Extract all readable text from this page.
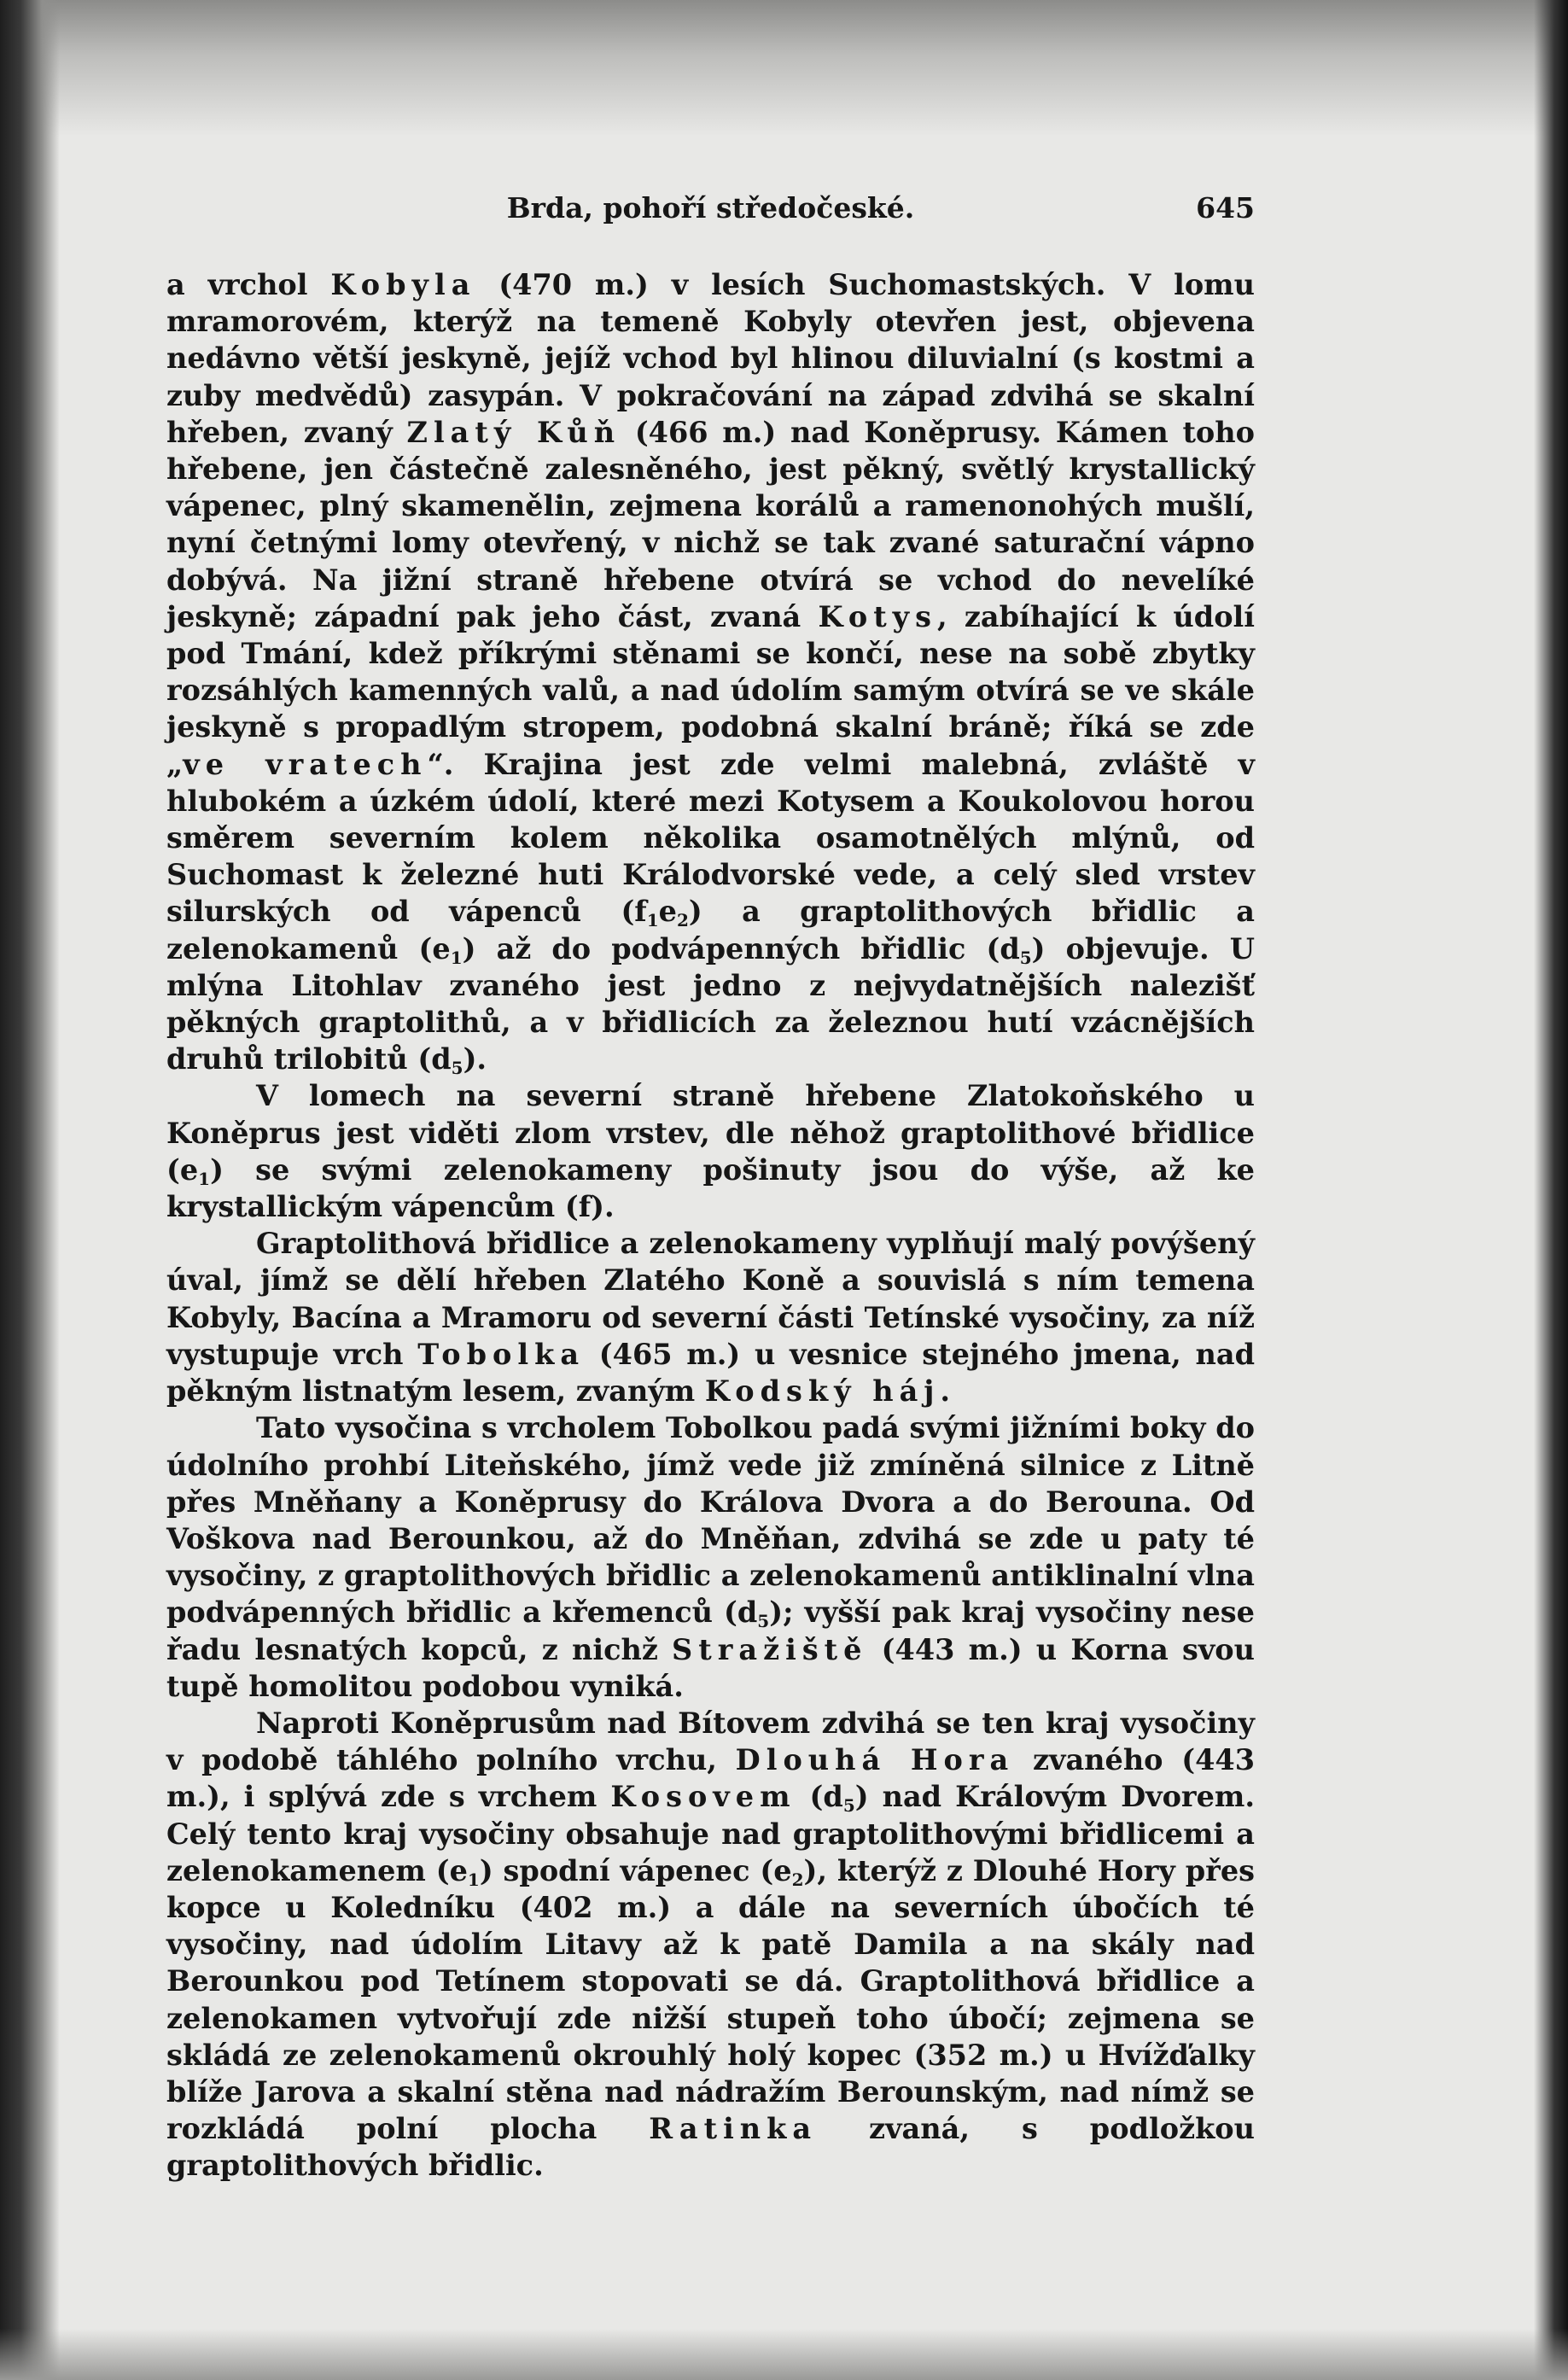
Brda, pohoří středočeské.	645

a vrchol Kobyla (470 m.) v lesích Suchomastských. V lomu mramorovém, kterýž na temeně Kobyly otevřen jest, objevena nedávno větší jeskyně, jejíž vchod byl hlinou diluvialní (s kostmi a zuby medvědů) zasypán. V pokračování na západ zdvihá se skalní hřeben, zvaný Zlatý Kůň (466 m.) nad Koněprusy. Kámen toho hřebene, jen částečně zalesněného, jest pěkný, světlý krystallický vápenec, plný skamenělin, zejmena korálů a ramenonohých mušlí, nyní četnými lomy otevřený, v nichž se tak zvané saturační vápno dobývá. Na jižní straně hřebene otvírá se vchod do nevelíké jeskyně; západní pak jeho část, zvaná Kotys, zabíhající k údolí pod Tmání, kdež příkrými stěnami se končí, nese na sobě zbytky rozsáhlých kamenných valů, a nad údolím samým otvírá se ve skále jeskyně s propadlým stropem, podobná skalní bráně; říká se zde „ve vratech“. Krajina jest zde velmi malebná, zvláště v hlubokém a úzkém údolí, které mezi Kotysem a Koukolovou horou směrem severním kolem několika osamotnělých mlýnů, od Suchomast k železné huti Králodvorské vede, a celý sled vrstev silurských od vápenců $(f_1e_2)$ a graptolithových břidlic a zelenokamenů $(e_1)$ až do podvápenných břidlic $(d_5)$ objevuje. U mlýna Litohlav zvaného jest jedno z nejvydatnějších nalezišť pěkných graptolithů, a v břidlicích za železnou hutí vzácnějších druhů trilobitů $(d_5)$.

V lomech na severní straně hřebene Zlatokoňského u Koněprus jest viděti zlom vrstev, dle něhož graptolithové břidlice $(e_1)$ se svými zelenokameny pošinuty jsou do výše, až ke krystallickým vápencům (f).

Graptolithová břidlice a zelenokameny vyplňují malý povýšený úval, jímž se dělí hřeben Zlatého Koně a souvislá s ním temena Kobyly, Bacína a Mramoru od severní části Tetínské vysočiny, za níž vystupuje vrch Tobolka (465 m.) u vesnice stejného jmena, nad pěkným listnatým lesem, zvaným Kodský háj.

Tato vysočina s vrcholem Tobolkou padá svými jižními boky do údolního prohbí Liteňského, jímž vede již zmíněná silnice z Litně přes Mněňany a Koněprusy do Králova Dvora a do Berouna. Od Voškova nad Berounkou, až do Mněňan, zdvihá se zde u paty té vysočiny, z graptolithových břidlic a zelenokamenů antiklinalní vlna podvápenných břidlic a křemenců $(d_5)$; vyšší pak kraj vysočiny nese řadu lesnatých kopců, z nichž Stražiště (443 m.) u Korna svou tupě homolitou podobou vyniká.

Naproti Koněprusům nad Bítovem zdvihá se ten kraj vysočiny v podobě táhlého polního vrchu, Dlouhá Hora zvaného (443 m.), i splývá zde s vrchem Kosovem $(d_5)$ nad Královým Dvorem. Celý tento kraj vysočiny obsahuje nad graptolithovými břidlicemi a zelenokamenem $(e_1)$ spodní vápenec $(e_2)$, kterýž z Dlouhé Hory přes kopce u Koledníku (402 m.) a dále na severních úbočích té vysočiny, nad údolím Litavy až k patě Damila a na skály nad Berounkou pod Tetínem stopovati se dá. Graptolithová břidlice a zelenokamen vytvořují zde nižší stupeň toho úbočí; zejmena se skládá ze zelenokamenů okrouhlý holý kopec (352 m.) u Hvížďalky blíže Jarova a skalní stěna nad nádražím Berounským, nad nímž se rozkládá polní plocha Ratinka zvaná, s podložkou graptolithových břidlic.
